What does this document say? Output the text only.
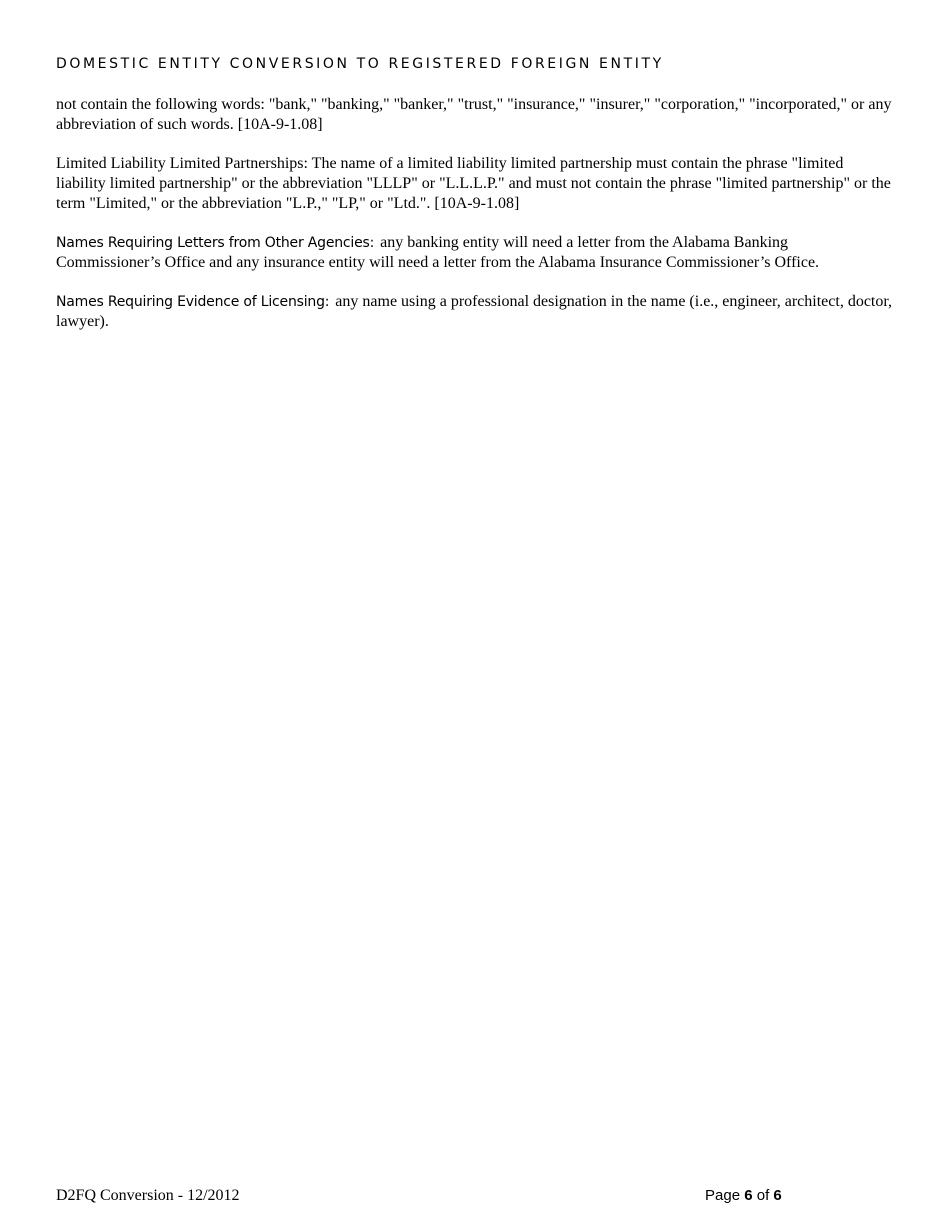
DOMESTIC ENTITY CONVERSION TO REGISTERED FOREIGN ENTITY

not contain the following words: "bank," "banking," "banker," "trust," "insurance," "insurer," "corporation," "incorporated," or any abbreviation of such words. [10A-9-1.08]

Limited Liability Limited Partnerships: The name of a limited liability limited partnership must contain the phrase "limited liability limited partnership" or the abbreviation "LLLP" or "L.L.L.P." and must not contain the phrase "limited partnership" or the term "Limited," or the abbreviation "L.P.," "LP," or "Ltd.". [10A-9-1.08]

Names Requiring Letters from Other Agencies: any banking entity will need a letter from the Alabama Banking Commissioner’s Office and any insurance entity will need a letter from the Alabama Insurance Commissioner’s Office.

Names Requiring Evidence of Licensing: any name using a professional designation in the name (i.e., engineer, architect, doctor, lawyer).

D2FQ Conversion - 12/2012	Page 6 of 6
